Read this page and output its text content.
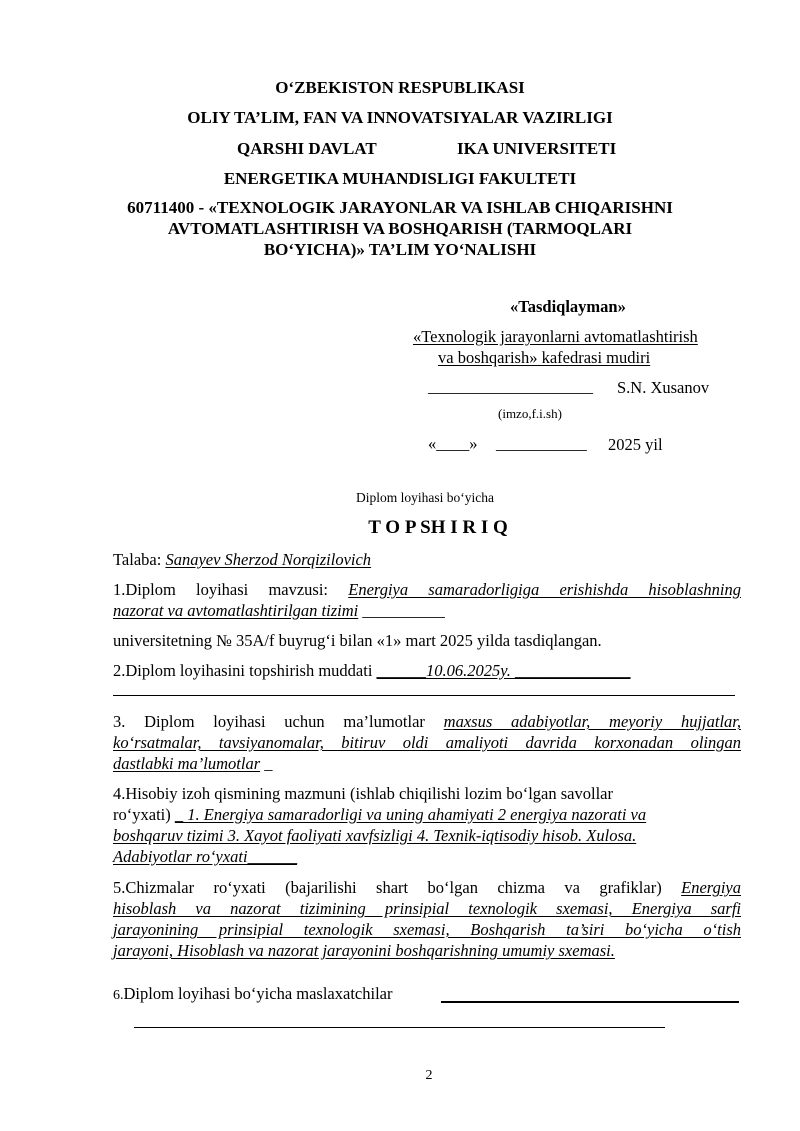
O‘ZBEKISTON RESPUBLIKASI
OLIY TA’LIM, FAN VA INNOVATSIYALAR VAZIRLIGI
QARSHI DAVLAT	IKA UNIVERSITETI
ENERGETIKA MUHANDISLIGI FAKULTETI
60711400 - «TEXNOLOGIK JARAYONLAR VA ISHLAB CHIQARISHNI
AVTOMATLASHTIRISH VA BOSHQARISH (TARMOQLARI
BO‘YICHA)» TA’LIM YO‘NALISHI
«Tasdiqlayman»
«Texnologik jarayonlarni avtomatlashtirish
va boshqarish» kafedrasi mudiri
____________________ S.N. Xusanov
(imzo,f.i.sh)
«____» ___________ 2025 yil
Diplom loyihasi bo‘yicha
T O P SH I R I Q
Talaba: Sanayev Sherzod Norqizilovich
1.Diplom loyihasi mavzusi: Energiya samaradorligiga erishishda hisoblashning
nazorat va avtomatlashtirilgan tizimi __________
universitetning № 35A/f buyrug‘i bilan «1» mart 2025 yilda tasdiqlangan.
2.Diplom loyihasini topshirish muddati ______10.06.2025y. ______________
3. Diplom loyihasi uchun ma’lumotlar maxsus adabiyotlar, meyoriy hujjatlar,
ko‘rsatmalar, tavsiyanomalar, bitiruv oldi amaliyoti davrida korxonadan olingan
dastlabki ma’lumotlar _
4.Hisobiy izoh qismining mazmuni (ishlab chiqilishi lozim bo‘lgan savollar
ro‘yxati) _ 1. Energiya samaradorligi va uning ahamiyati 2 energiya nazorati va
boshqaruv tizimi 3. Xayot faoliyati xavfsizligi 4. Texnik-iqtisodiy hisob. Xulosa.
Adabiyotlar ro‘yxati______
5.Chizmalar ro‘yxati (bajarilishi shart bo‘lgan chizma va grafiklar) Energiya
hisoblash va nazorat tizimining prinsipial texnologik sxemasi, Energiya sarfi
jarayonining prinsipial texnologik sxemasi, Boshqarish ta’siri bo‘yicha o‘tish
jarayoni, Hisoblash va nazorat jarayonini boshqarishning umumiy sxemasi.
6.Diplom loyihasi bo‘yicha maslaxatchilar
2
